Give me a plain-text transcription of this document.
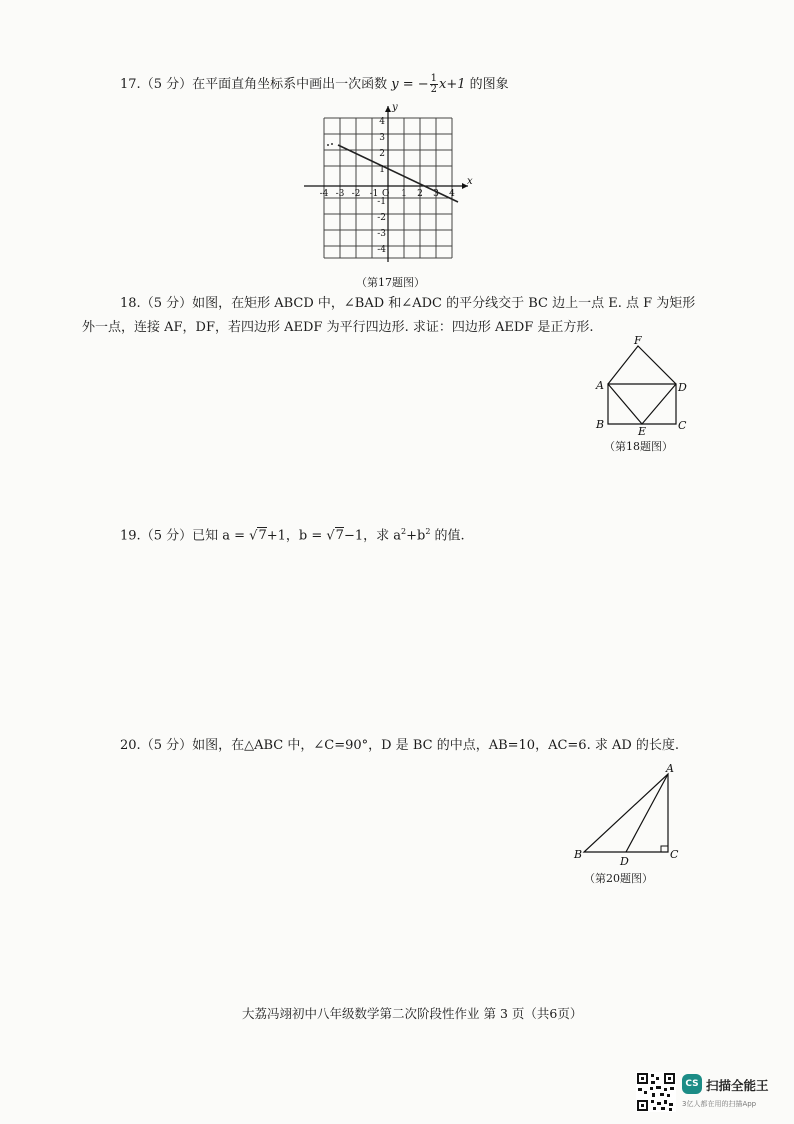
17.（5 分）在平面直角坐标系中画出一次函数 y = − $\frac{1}{2} x+1$ 的图象
-4 -3 -2 -1	1 2 3 4
O
4
3
2
1
-1
-2
-3
-4
x
y
（第17题图）
18.（5 分）如图，在矩形 ABCD 中，∠BAD 和∠ADC 的平分线交于 BC 边上一点 E. 点 F 为矩形
外一点，连接 AF，DF，若四边形 AEDF 为平行四边形. 求证：四边形 AEDF 是正方形.
F
A	D
B
E	C
（第18题图）
19.（5 分）已知 a = √7+1，b = √7−1，求 $a^2+b^2$ 的值.
20.（5 分）如图，在△ABC 中，∠C=90°，D 是 BC 的中点，AB=10，AC=6. 求 AD 的长度.
A
B
D
C
（第20题图）
大荔冯翊初中八年级数学第二次阶段性作业 第 3 页（共6页）
CS 扫描全能王
3亿人都在用的扫描App
